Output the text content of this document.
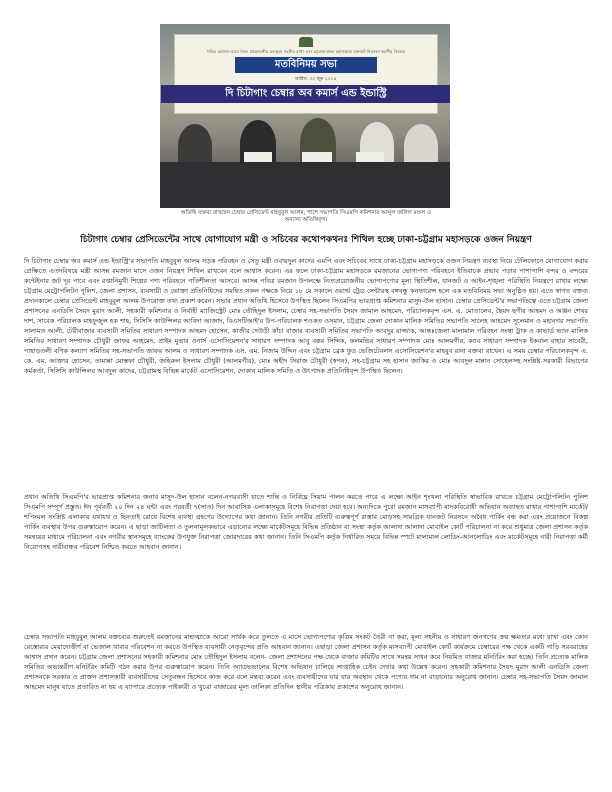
পবিত্র রমজান মাসে নিত্য প্রয়োজনীয় দ্রব্যমূল্য সহনীয় রাখা এবং চট্টগ্রাম-ঢাকা মহাসড়কে যানজট নিরসনে করণীয় বিষয়ক
মতবিনিময় সভা
তারিখ: ৩০ জুন ২০১৪
দি চিটাগাং চেম্বার অব কমার্স এন্ড ইন্ডাস্ট্রি
অতিথি বক্তব্য রাখছেন চেম্বার প্রেসিডেন্ট মাহবুবুল আলম, পাশে সভাপতি সিএমপি কমিশনার আব্দুল জলিল মণ্ডল ও অন্যান্য অতিথিবৃন্দ।
চিটাগাং চেম্বার প্রেসিডেন্টের সাথে যোগাযোগ মন্ত্রী ও সচিবের কথোপকথনঃ শিথিল হচ্ছে ঢাকা-চট্টগ্রাম মহাসড়কে ওজন নিয়ন্ত্রণ

দি চিটাগাং চেম্বার অব কমার্স এন্ড ইন্ডাস্ট্রি'র সভাপতি মাহবুবুল আলম সড়ক পরিবহন ও সেতু মন্ত্রী ওবায়দুল কাদের এমপি এবং সচিবের সাথে ঢাকা-চট্টগ্রাম মহাসড়কে ওজন নিয়ন্ত্রণ ব্যবস্থা নিয়ে টেলিফোনে যোগাযোগ করার প্রেক্ষিতে এতদবিষয়ে মন্ত্রী আসন্ন রমজান মাসে ওজন নিয়ন্ত্রণ শিথিল রাখবেন বলে আশ্বাস করেন। এর ফলে ঢাকা-চট্টগ্রাম মহাসড়কে রমজানের ভোগ্যপণ্য পরিবহনে ইতিবাচক প্রভাব পড়ার পাশাপাশি বন্দর ও বন্দরের কন্টেইনার জট দূর পাবে এবং রপ্তানিমুখী শিল্পের পণ্য পরিবহনে গতিশীলতা আসবে। আসন্ন পবিত্র রমজান উপলক্ষে নিত্যপ্রয়োজনীয় ভোগ্যপণ্যের মূল্য স্থিতিশীল, যানজট ও আইন-শৃঙ্খলা পরিস্থিতি নিয়ন্ত্রণে রাখার লক্ষ্যে চট্টগ্রাম মেট্রোপলিটন পুলিশ, জেলা প্রশাসন, ব্যবসায়ী ও ভোক্তা প্রতিনিধিদের সমন্বিত সকল পক্ষকে নিয়ে ১৮ মে সকালে ওয়ার্ল্ড ট্রেড সেন্টারস্থ বঙ্গবন্ধু কনফারেন্স হলে এক মতবিনিময় সভা অনুষ্ঠিত হয়। এতে স্বাগত বক্তব্য প্রদানকালে চেম্বার প্রেসিডেন্ট মাহবুবুল আলম উপরোক্ত তথ্য প্রকাশ করেন। সভার প্রধান অতিথি হিসেবে উপস্থিত ছিলেন সিএমপির ভারপ্রাপ্ত কমিশনার মাসুদ-উল হাসান। চেম্বার প্রেসিডেন্ট'র সভাপতিত্বে এতে চট্টগ্রাম জেলা প্রশাসনের এনডিসি সৈয়দ মুরাদ আলী, সহকারী কমিশনার ও নির্বাহী ম্যাজিস্ট্রেট মোঃ তৌহিদুল ইসলাম, চেম্বার সহ-সভাপতি সৈয়দ জামাল আহমেদ, পরিচালকবৃন্দ এস. এ. মোতালেব, ছৈয়দ ছগীর আহমদ ও অঞ্জন শেখর দাশ, সাবেক পরিচালক মাহফুজুল হক শাহ, সিসিসি কাউন্সিলর আবিদা আজাদ, বিএসটিআই'র উপ-পরিচালক শওকত ওসমান, চট্টগ্রাম জেলা দোকান মালিক সমিতির সভাপতি সালেহ আহমেদ সুলেমান ও মহানগর সভাপতি সালামত আলী, টেরীবাজার ব্যবসায়ী সমিতির সাধারণ সম্পাদক আহমদ হোসেন, কাজীর দেউড়ী কাঁচা বাজার ব্যবসায়ী সমিতির সভাপতি আবদুর রাজ্জাক, আন্তঃজেলা মালামাল পরিবহন সংস্থা ট্রাক ও কাভার্ড ভ্যান মালিক সমিতির সাধারণ সম্পাদক চৌধুরী জাফর আহমেদ, প্রাইম মুভার ওনার্স এসোসিয়েশন'র সাধারণ সম্পাদক আবু বক্কর সিদ্দিক, ফলমন্ডির সাধারণ সম্পাদক মোঃ আলমগীর, ক্যাব সাধারণ সম্পাদক ইকবাল বাহার সাবেরী, পাহাড়তলী বণিক কল্যাণ সমিতির সহ-সভাপতি জাফর আলম ও সাধারণ সম্পাদক এস. এম. নিজাম উদ্দিন এবং চট্টগ্রাম ব্রেক ফুড ভেজিটেবলস এসোসিয়েশন'র মাহবুব রানা বক্তব্য রাখেন। এ সময় চেম্বার পরিচালকবৃন্দ এ. কে. এম. আক্তার হোসেন, তামান্না মোস্তফা চৌধুরী, জহিরুল ইসলাম চৌধুরী (আলমগীর), মোঃ অহীদ সিরাজ চৌধুরী (স্বপন), সহ-চট্টগ্রাম সহ হাসান জাকির ও মোঃ আবদুল মান্নান সোহেলসহ সংশ্লিষ্ট সরকারী বিভাগের কর্মকর্তা, সিসিসি কাউন্সিলর আবদুল কাদের, চট্টগ্রামস্থ বিভিন্ন মার্কেট এসোসিয়েশন, দোকান মালিক সমিতি ও উৎপাদক প্রতিনিধিবৃন্দ উপস্থিত ছিলেন।

প্রধান অতিথি সিএমপি'র ভারপ্রাপ্ত কমিশনার জনাব মাসুদ-উল হাসান বলেন-নগরবাসী যাতে শান্তি ও নির্বিঘ্নে সিয়াম পালন করতে পারে এ লক্ষ্যে আইন শৃংখলা পরিস্থিতি স্বাভাবিক রাখতে চট্টগ্রাম মেট্রোপলিটন পুলিশ সিএমপি সম্পূর্ণ প্রস্তুত। ঈদ পূর্ববর্তী ২০ দিন ২৪ ঘন্টা এবং পরবর্তী ৭(সাত) দিন আবাসিক এলাকাসমূহে বিশেষ নিরাপত্তা দেয়া হবে। অন্যদিকে পুরো রমজান মাসব্যাপী মাদকবিরোধী অভিযান অব্যাহত রাখার পাশাপাশি মার্কেট/শপিংমল সংশ্লিষ্ট এলাকায় যথাযথ ও ছিনতাই রোধে বিশেষ ব্যবস্থা গ্রহণের উদ্যোগের কথা জানান। তিনি নগরীর প্রতিটি গুরুত্বপূর্ণ রাস্তার মোড়সহ সামগ্রিক যানজট নিরসনে অবৈধ পার্কিং বন্ধ করা এবং প্রয়োজনে বিকল্প পার্কিং ব্যবস্থার উপর গুরুত্বারোপ করেন। এ ছাড়া জাটিলতা ও তুলনামূলকভাবে এড়ানোর লক্ষ্যে মার্কেটসমূহে বিভিন্ন প্রতিষ্ঠান বা সংস্থা কর্তৃক আলাদা আলাদা মোবাইল কোর্ট পরিচালনা না করে শুধুমাত্র জেলা প্রশাসন কর্তৃক সমন্বয়ের মাধ্যমে পরিচালনা এবং নগরীর স্থানসমূহে ব্যাংকের উপযুক্ত নিরাপত্তা জোরদারের কথা জানান। তিনি সিএমপি কর্তৃক নির্ধারিত সময়ে বিভিন্ন স্পটে মালামাল লোডিং-আনলোডিং এবং মার্কেটসমূহে নারী নিরাপত্তা কর্মী নিয়োগসহ নারীবান্ধব পরিবেশ নিশ্চিত করতে আহবান জানান।

চেম্বার সভাপতি মাহবুবুল আলম বক্তব্যের শুরুতেই রমজানের মাহাত্ম্যকে আরো সার্থক করে তুলতে এ মাসে ভোগ্যপণ্যের কৃত্রিম সংকট তৈরী না করা, মূল্য সহনীয় ও সাধারণ জনগণের ক্রয় ক্ষমতার মধ্যে রাখা এবং কোন রেস্তোরার মেয়াদোত্তীর্ণ বা ভেজাল খাবার পরিবেশন না করতে উপস্থিত ব্যবসায়ী নেতৃবৃন্দের প্রতি আহবান জানান। এছাড়া জেলা প্রশাসন কর্তৃক মাসব্যাপী মোবাইল কোর্ট কার্যক্রমে চেম্বারের পক্ষ থেকে একটি গাড়ি সরবরাহের আশ্বাস প্রদান করেন। চট্টগ্রাম জেলা প্রশাসনের সহকারী কমিশনার মোঃ তৌহিদুল ইসলাম বলেন- জেলা প্রশাসনের পক্ষ থেকে বাজার কমিটির সাথে সমন্বয় সাধন করে নিয়মিত বাজার মনিটরিং করা হচ্ছে। তিনি প্রত্যেক মালিক সমিতির অভ্যন্তরীণ মনিটরিং কমিটি গঠন করার উপর গুরুত্বারোপ করেন। তিনি অ্যাডভভালের বিশেষ অভিযান চালিয়ে সাপ্তাহিক চেইন দেখার কথা উল্লেখ করেন। সহকারী কমিশনার সৈয়দ মুরাদ আলী এনডিসি জেলা প্রশাসনকে সরকার ও প্রাক্তন প্রশাসকারী ব্যবসায়ীদের সেতুবন্ধন হিসেবে কাজ করে বলে মন্তব্য করেন এবং ব্যবসায়ীদের যার যার অবস্থান থেকে পণ্যের দাম না বাড়ানোর অনুরোধ জানান। চেম্বার সহ-সভাপতি সৈয়দ জামাল আহমেদ মানুষ যাতে প্রতারিত না হয় এ ব্যাপারে প্রত্যেক পাইকারী ও খুচরা বাজারের মূল্য তালিকা প্রতিদিন স্থানীয় পত্রিকায় প্রকাশের অনুরোধ জানান।
